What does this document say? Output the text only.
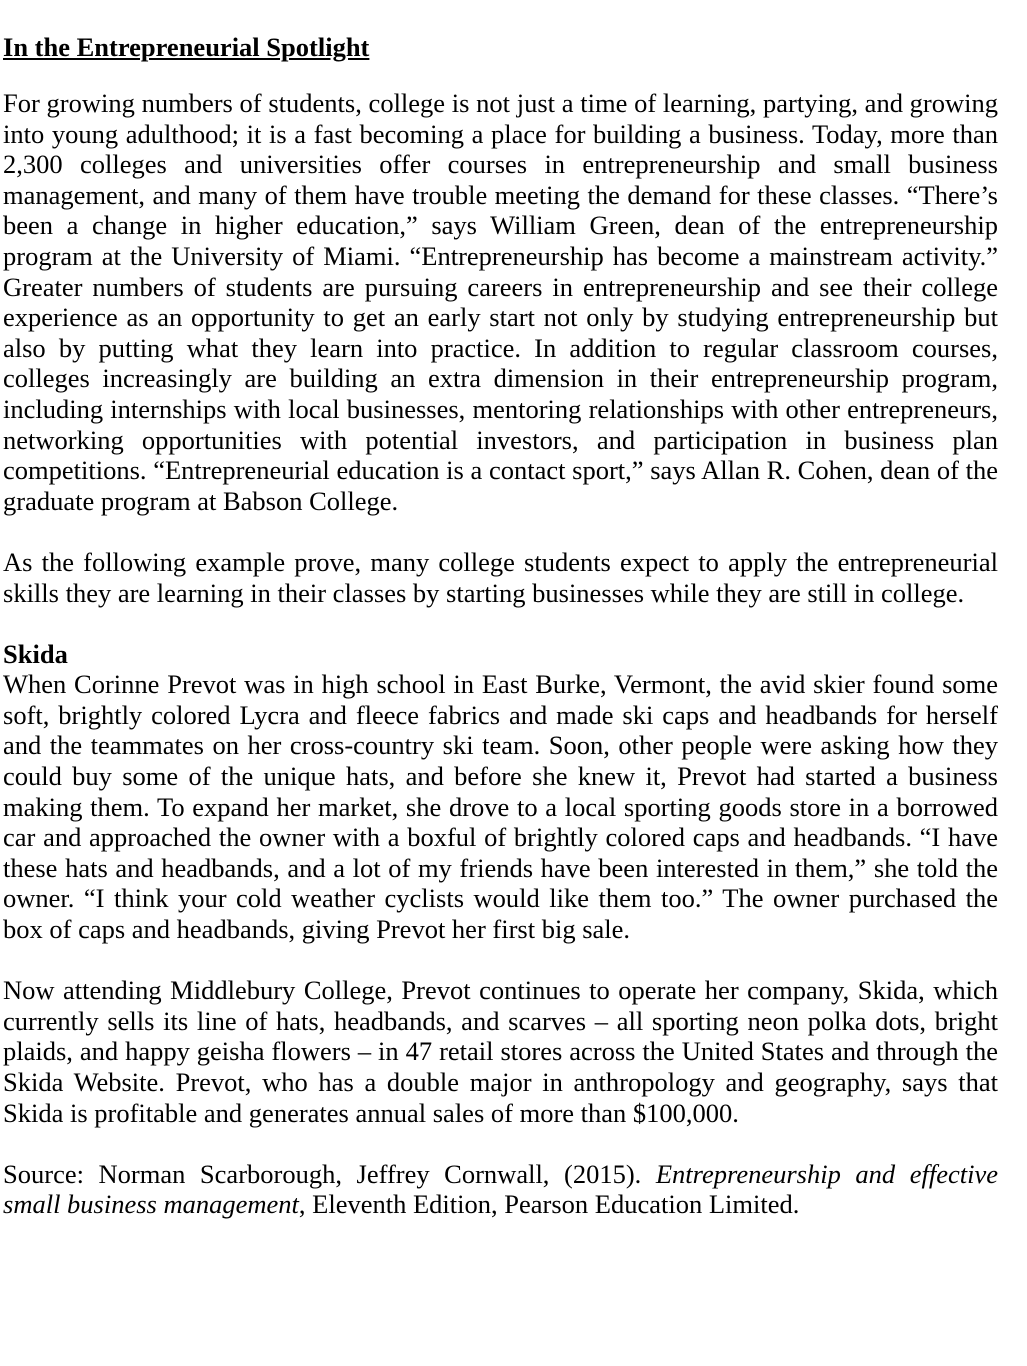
In the Entrepreneurial Spotlight

For growing numbers of students, college is not just a time of learning, partying, and growing into young adulthood; it is a fast becoming a place for building a business. Today, more than 2,300 colleges and universities offer courses in entrepreneurship and small business management, and many of them have trouble meeting the demand for these classes. “There’s been a change in higher education,” says William Green, dean of the entrepreneurship program at the University of Miami. “Entrepreneurship has become a mainstream activity.” Greater numbers of students are pursuing careers in entrepreneurship and see their college experience as an opportunity to get an early start not only by studying entrepreneurship but also by putting what they learn into practice. In addition to regular classroom courses, colleges increasingly are building an extra dimension in their entrepreneurship program, including internships with local businesses, mentoring relationships with other entrepreneurs, networking opportunities with potential investors, and participation in business plan competitions. “Entrepreneurial education is a contact sport,” says Allan R. Cohen, dean of the graduate program at Babson College.

As the following example prove, many college students expect to apply the entrepreneurial skills they are learning in their classes by starting businesses while they are still in college.

Skida

When Corinne Prevot was in high school in East Burke, Vermont, the avid skier found some soft, brightly colored Lycra and fleece fabrics and made ski caps and headbands for herself and the teammates on her cross-country ski team. Soon, other people were asking how they could buy some of the unique hats, and before she knew it, Prevot had started a business making them. To expand her market, she drove to a local sporting goods store in a borrowed car and approached the owner with a boxful of brightly colored caps and headbands. “I have these hats and headbands, and a lot of my friends have been interested in them,” she told the owner. “I think your cold weather cyclists would like them too.” The owner purchased the box of caps and headbands, giving Prevot her first big sale.

Now attending Middlebury College, Prevot continues to operate her company, Skida, which currently sells its line of hats, headbands, and scarves – all sporting neon polka dots, bright plaids, and happy geisha flowers – in 47 retail stores across the United States and through the Skida Website. Prevot, who has a double major in anthropology and geography, says that Skida is profitable and generates annual sales of more than $100,000.

Source: Norman Scarborough, Jeffrey Cornwall, (2015). Entrepreneurship and effective small business management, Eleventh Edition, Pearson Education Limited.
